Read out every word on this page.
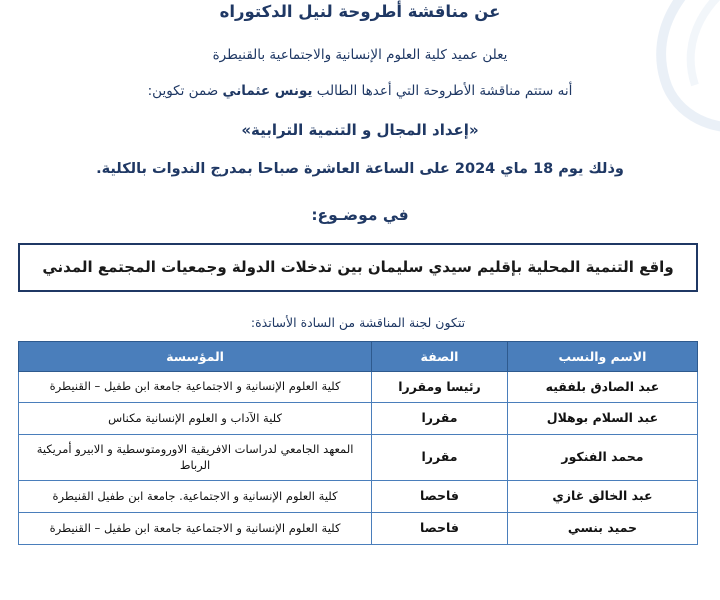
عن مناقشة أطروحة لنيل الدكتوراه
يعلن عميد كلية العلوم الإنسانية والاجتماعية بالقنيطرة
أنه ستتم مناقشة الأطروحة التي أعدها الطالب يونس عثماني ضمن تكوين:
«إعداد المجال و التنمية الترابية»
وذلك يوم 18 ماي 2024 على الساعة العاشرة صباحا بمدرج الندوات بالكلية.
في موضـوع:
واقع التنمية المحلية بإقليم سيدي سليمان بين تدخلات الدولة وجمعيات المجتمع المدني
تتكون لجنة المناقشة من السادة الأساتذة:
الاسم والنسب	الصفة	المؤسسة
عبد الصادق بلفقيه	رئيسا ومقررا	كلية العلوم الإنسانية و الاجتماعية جامعة ابن طفيل – القنيطرة
عبد السلام بوهلال	مقررا	كلية الآداب و العلوم الإنسانية مكناس
محمد الفنكور	مقررا	المعهد الجامعي لدراسات الافريقية الاورومتوسطية و الابيرو أمريكية الرباط
عبد الخالق غازي	فاحصا	كلية العلوم الإنسانية و الاجتماعية. جامعة ابن طفيل القنيطرة
حميد بنسي	فاحصا	كلية العلوم الإنسانية و الاجتماعية جامعة ابن طفيل – القنيطرة
